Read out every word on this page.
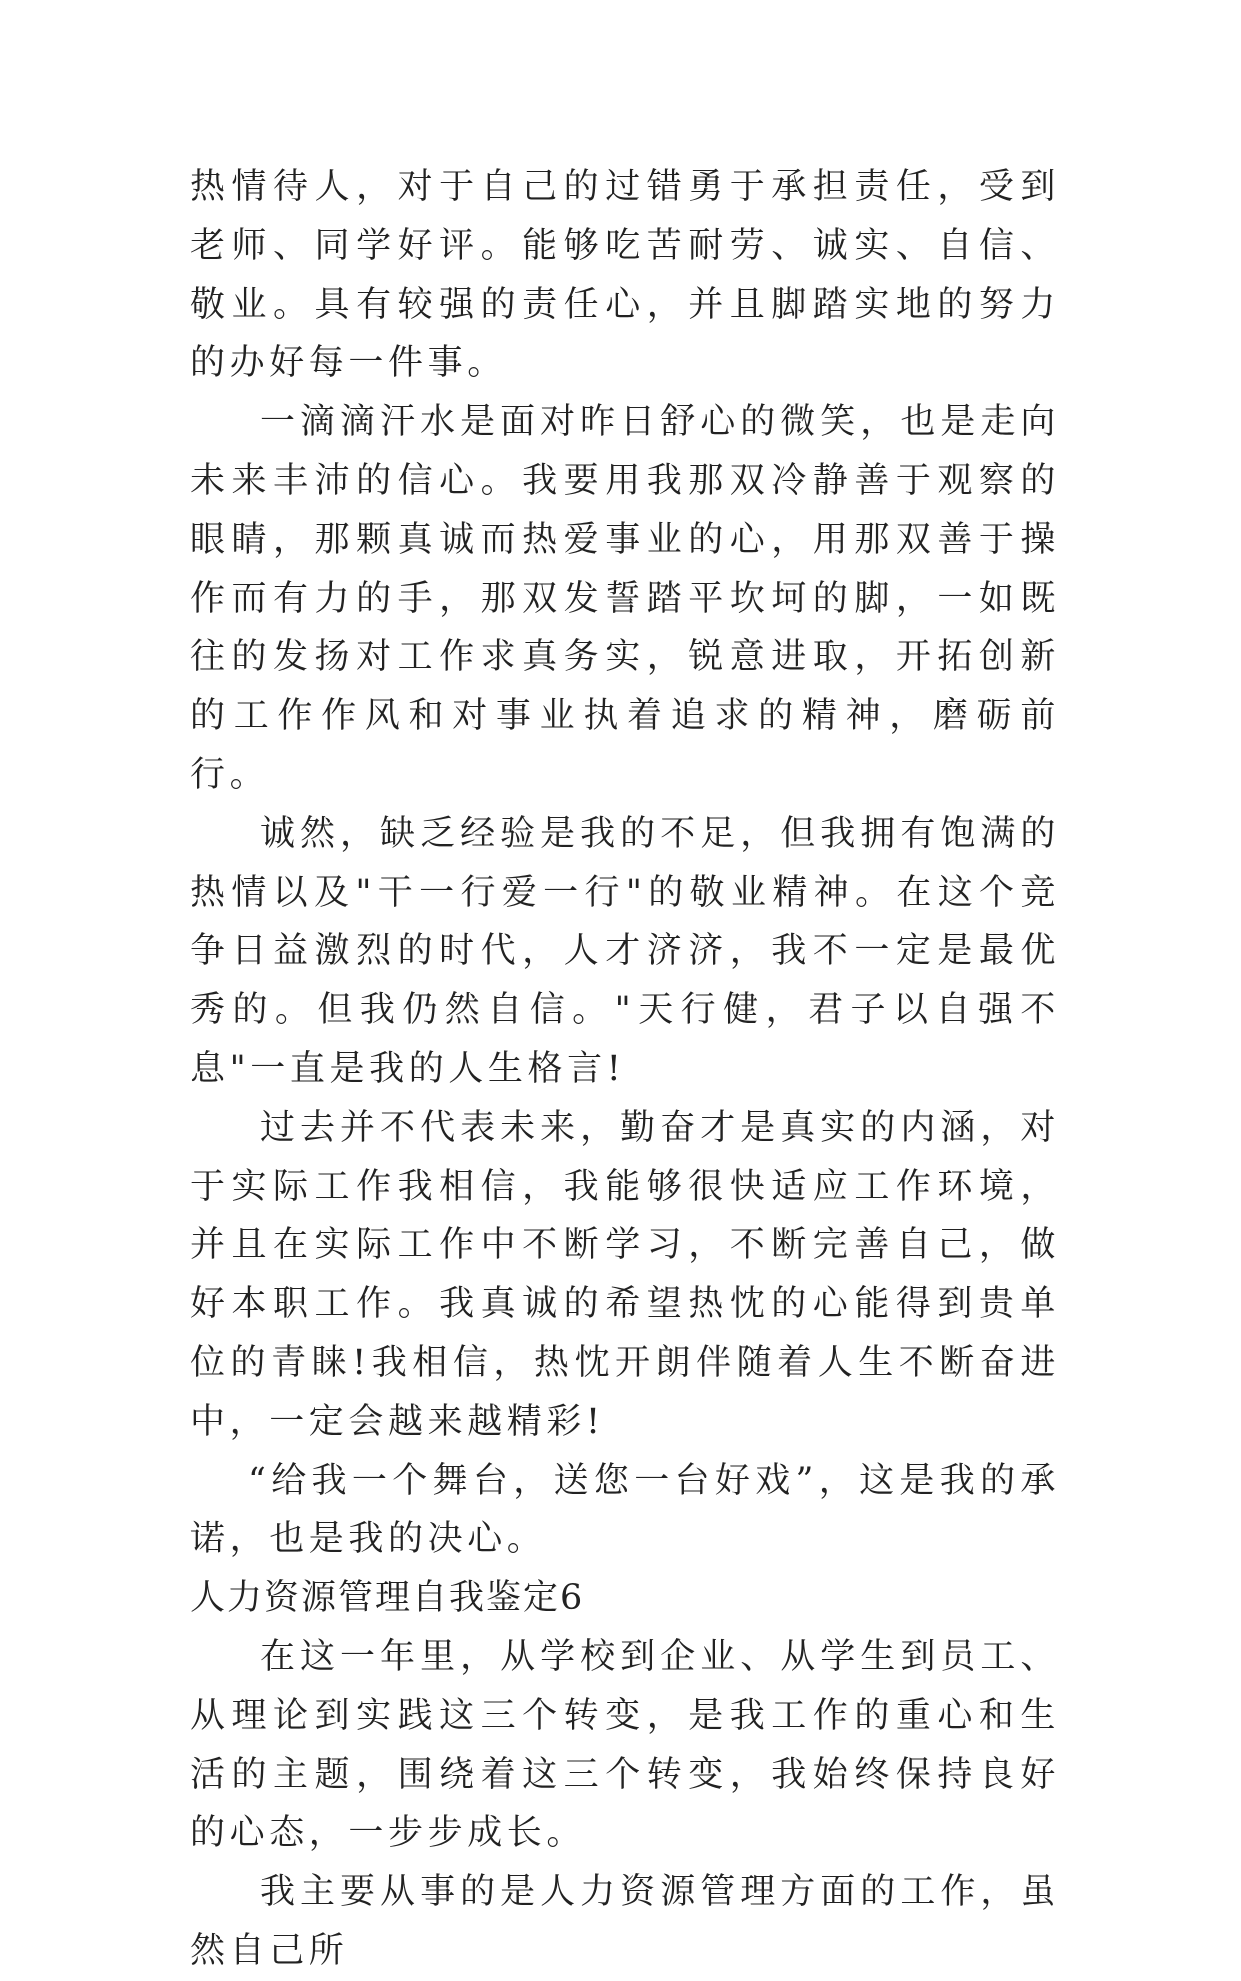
热情待人，对于自己的过错勇于承担责任，受到老师、同学好评。能够吃苦耐劳、诚实、自信、敬业。具有较强的责任心，并且脚踏实地的努力的办好每一件事。

一滴滴汗水是面对昨日舒心的微笑，也是走向未来丰沛的信心。我要用我那双冷静善于观察的眼睛，那颗真诚而热爱事业的心，用那双善于操作而有力的手，那双发誓踏平坎坷的脚，一如既往的发扬对工作求真务实，锐意进取，开拓创新的工作作风和对事业执着追求的精神，磨砺前行。

诚然，缺乏经验是我的不足，但我拥有饱满的热情以及"干一行爱一行"的敬业精神。在这个竞争日益激烈的时代，人才济济，我不一定是最优秀的。但我仍然自信。"天行健，君子以自强不息"一直是我的人生格言!

过去并不代表未来，勤奋才是真实的内涵，对于实际工作我相信，我能够很快适应工作环境，并且在实际工作中不断学习，不断完善自己，做好本职工作。我真诚的希望热忱的心能得到贵单位的青睐!我相信，热忱开朗伴随着人生不断奋进中，一定会越来越精彩!

“给我一个舞台，送您一台好戏”，这是我的承诺，也是我的决心。

人力资源管理自我鉴定6

在这一年里，从学校到企业、从学生到员工、从理论到实践这三个转变，是我工作的重心和生活的主题，围绕着这三个转变，我始终保持良好的心态，一步步成长。

我主要从事的是人力资源管理方面的工作，虽然自己所
